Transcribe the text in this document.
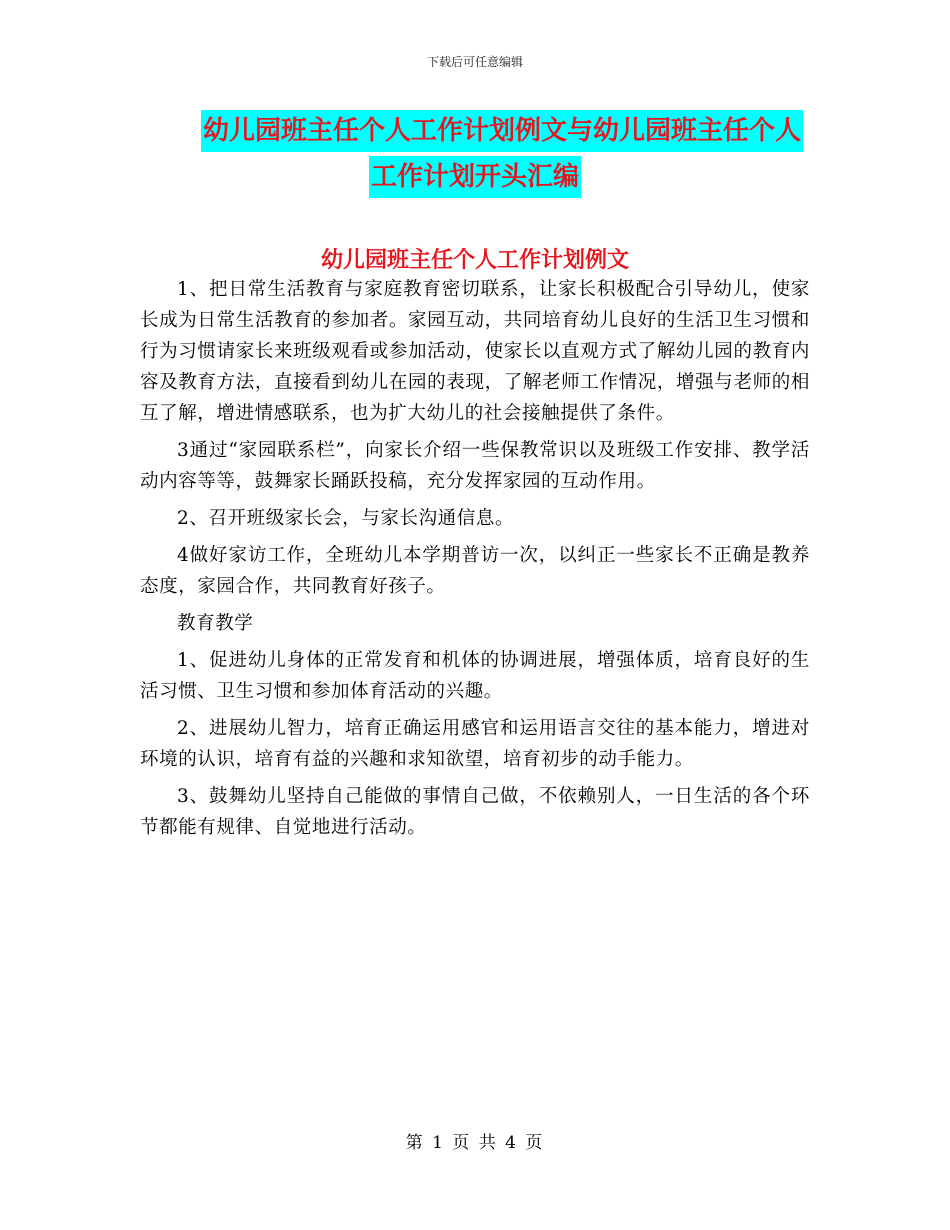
下载后可任意编辑
幼儿园班主任个人工作计划例文与幼儿园班主任个人
工作计划开头汇编
幼儿园班主任个人工作计划例文

1、把日常生活教育与家庭教育密切联系，让家长积极配合引导幼儿，使家长成为日常生活教育的参加者。家园互动，共同培育幼儿良好的生活卫生习惯和行为习惯请家长来班级观看或参加活动，使家长以直观方式了解幼儿园的教育内容及教育方法，直接看到幼儿在园的表现，了解老师工作情况，增强与老师的相互了解，增进情感联系，也为扩大幼儿的社会接触提供了条件。

3通过“家园联系栏”，向家长介绍一些保教常识以及班级工作安排、教学活动内容等等，鼓舞家长踊跃投稿，充分发挥家园的互动作用。

2、召开班级家长会，与家长沟通信息。

4做好家访工作，全班幼儿本学期普访一次，以纠正一些家长不正确是教养态度，家园合作，共同教育好孩子。

教育教学

1、促进幼儿身体的正常发育和机体的协调进展，增强体质，培育良好的生活习惯、卫生习惯和参加体育活动的兴趣。

2、进展幼儿智力，培育正确运用感官和运用语言交往的基本能力，增进对环境的认识，培育有益的兴趣和求知欲望，培育初步的动手能力。

3、鼓舞幼儿坚持自己能做的事情自己做，不依赖别人，一日生活的各个环节都能有规律、自觉地进行活动。

第 1 页 共 4 页
